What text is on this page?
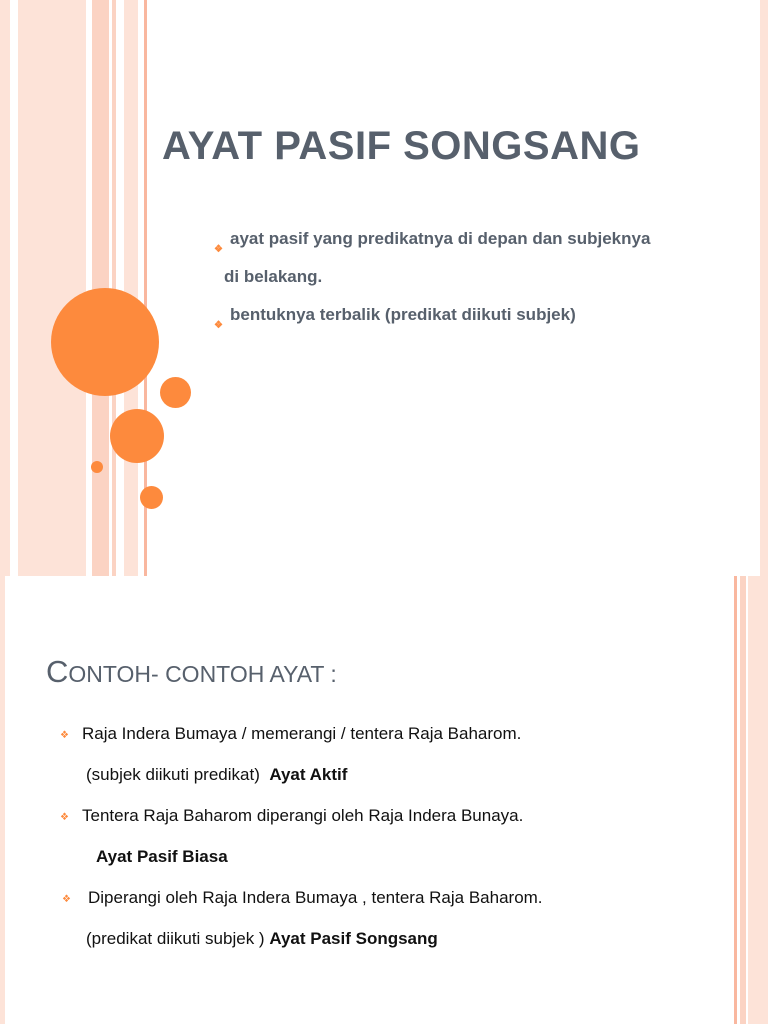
AYAT PASIF SONGSANG
❖
ayat pasif yang predikatnya di depan dan subjeknya
di belakang.
❖
bentuknya terbalik (predikat diikuti subjek)
CONTOH- CONTOH AYAT :
❖ Raja Indera Bumaya / memerangi / tentera Raja Baharom.
(subjek diikuti predikat) Ayat Aktif
❖ Tentera Raja Baharom diperangi oleh Raja Indera Bunaya.
Ayat Pasif Biasa
❖ Diperangi oleh Raja Indera Bumaya , tentera Raja Baharom.
(predikat diikuti subjek ) Ayat Pasif Songsang
